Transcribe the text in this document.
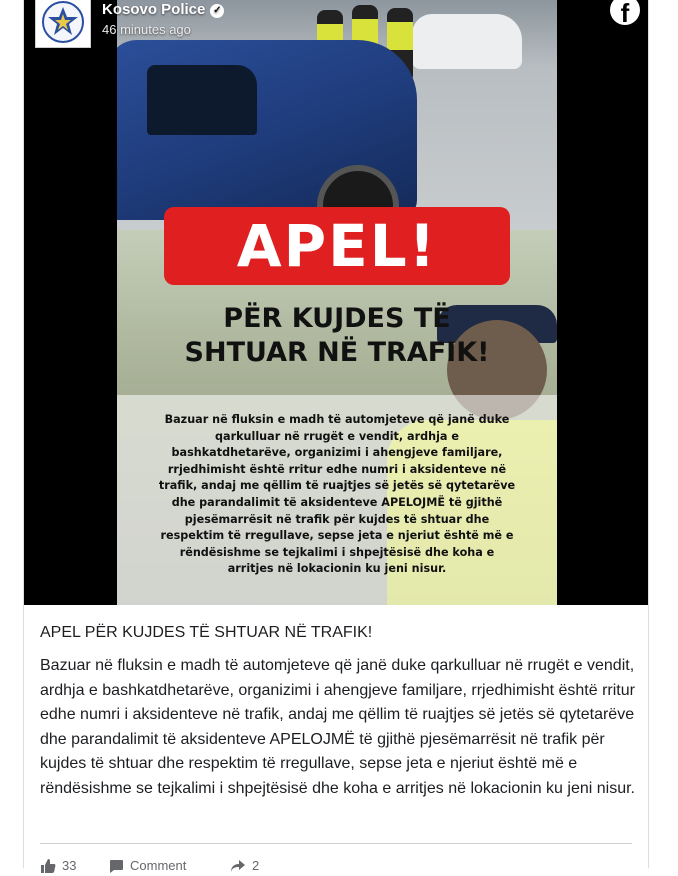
APEL!
PËR KUJDES TË
SHTUAR NË TRAFIK!
Bazuar në fluksin e madh të automjeteve që janë duke qarkulluar në rrugët e vendit, ardhja e bashkatdhetarëve, organizimi i ahengjeve familjare, rrjedhimisht është rritur edhe numri i aksidenteve në trafik, andaj me qëllim të ruajtjes së jetës së qytetarëve dhe parandalimit të aksidenteve APELOJMË të gjithë pjesëmarrësit në trafik për kujdes të shtuar dhe respektim të rregullave, sepse jeta e njeriut është më e rëndësishme se tejkalimi i shpejtësisë dhe koha e arritjes në lokacionin ku jeni nisur.
Kosovo Police ✓
46 minutes ago
f

APEL PËR KUJDES TË SHTUAR NË TRAFIK!

Bazuar në fluksin e madh të automjeteve që janë duke qarkulluar në rrugët e vendit, ardhja e bashkatdhetarëve, organizimi i ahengjeve familjare, rrjedhimisht është rritur edhe numri i aksidenteve në trafik, andaj me qëllim të ruajtjes së jetës së qytetarëve dhe parandalimit të aksidenteve APELOJMË të gjithë pjesëmarrësit në trafik për kujdes të shtuar dhe respektim të rregullave, sepse jeta e njeriut është më e rëndësishme se tejkalimi i shpejtësisë dhe koha e arritjes në lokacionin ku jeni nisur.

33	Comment	2
